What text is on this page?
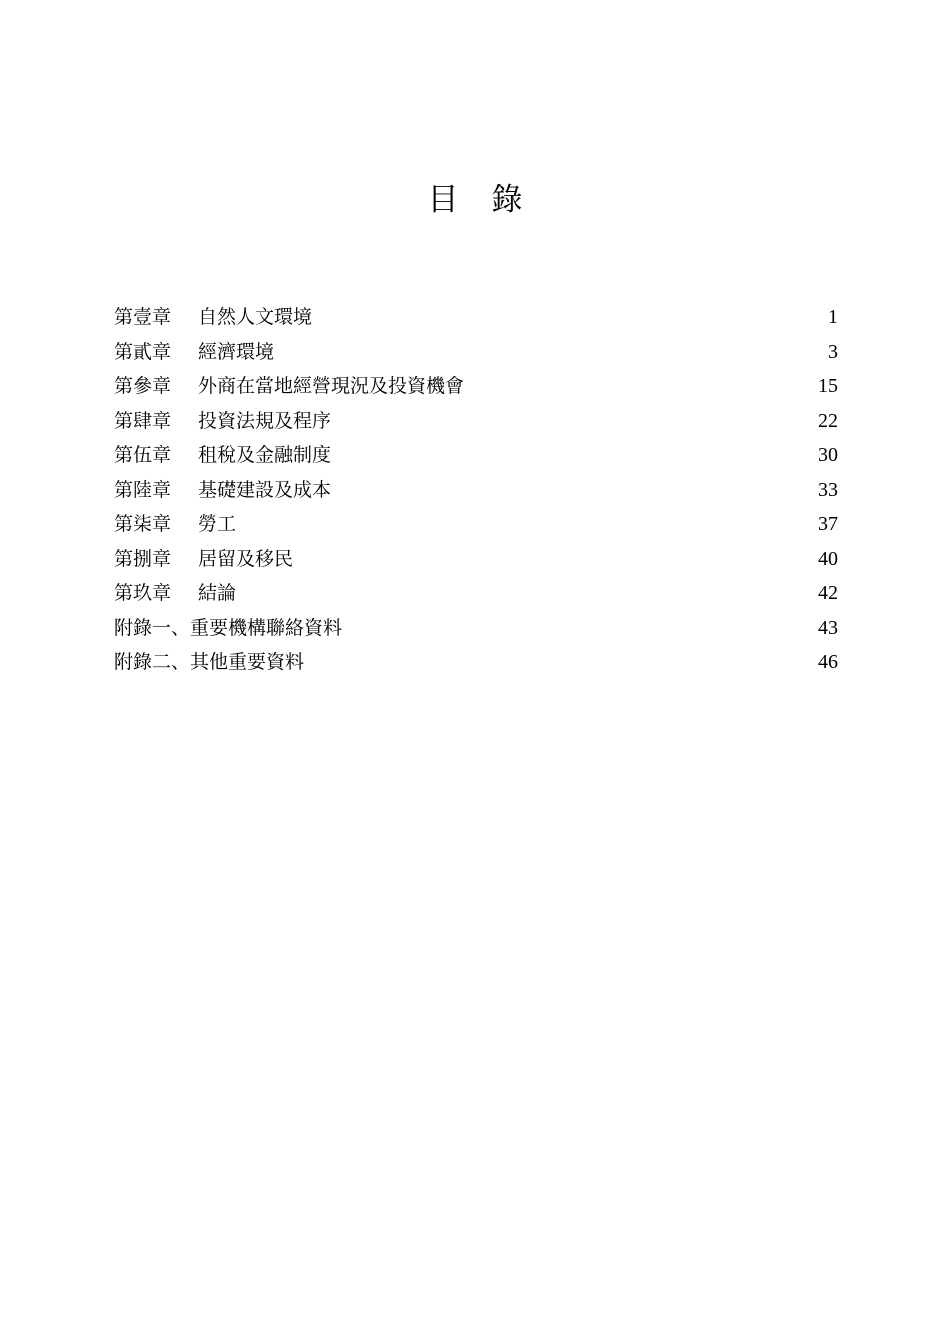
目 錄
第壹章 自然人文環境	1
第貳章 經濟環境	3
第參章 外商在當地經營現況及投資機會	15
第肆章 投資法規及程序	22
第伍章 租稅及金融制度	30
第陸章 基礎建設及成本	33
第柒章 勞工	37
第捌章 居留及移民	40
第玖章 結論	42
附錄一、重要機構聯絡資料	43
附錄二、其他重要資料	46
